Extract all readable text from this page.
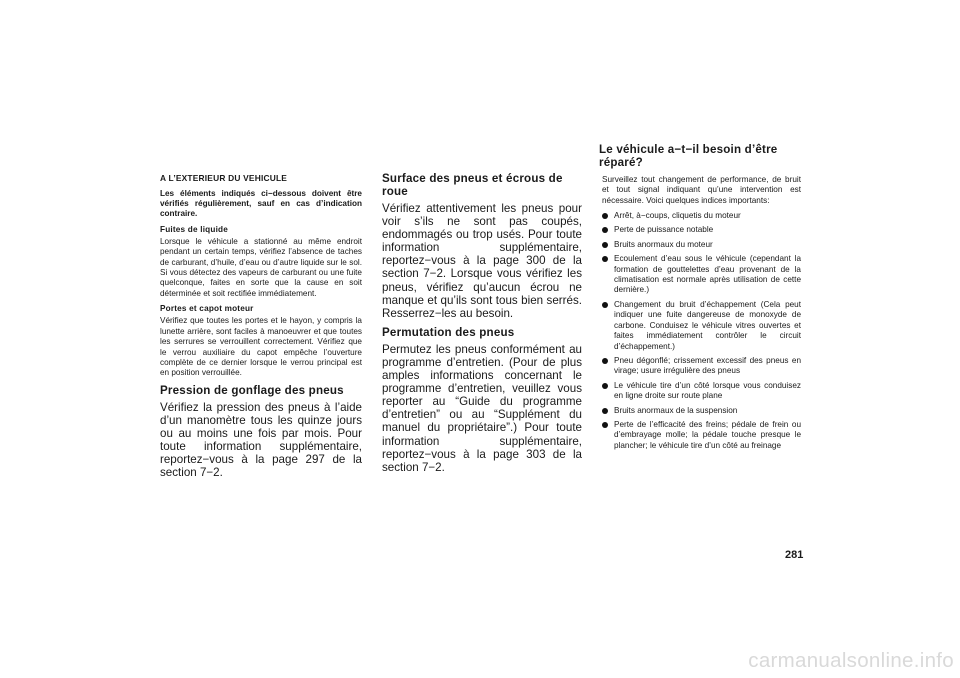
A L’EXTERIEUR DU VEHICULE

Les éléments indiqués ci−dessous doivent être vérifiés régulièrement, sauf en cas d’indication contraire.

Fuites de liquide

Lorsque le véhicule a stationné au même endroit pendant un certain temps, vérifiez l’absence de taches de carburant, d’huile, d’eau ou d’autre liquide sur le sol. Si vous détectez des vapeurs de carburant ou une fuite quelconque, faites en sorte que la cause en soit déterminée et soit rectifiée immédiatement.

Portes et capot moteur

Vérifiez que toutes les portes et le hayon, y compris la lunette arrière, sont faciles à manoeuvrer et que toutes les serrures se verrouillent correctement. Vérifiez que le verrou auxiliaire du capot empêche l’ouverture complète de ce dernier lorsque le verrou principal est en position verrouillée.

Pression de gonflage des pneus

Vérifiez la pression des pneus à l’aide d’un manomètre tous les quinze jours ou au moins une fois par mois. Pour toute information supplémentaire, reportez−vous à la page 297 de la section 7−2.

Surface des pneus et écrous de roue

Vérifiez attentivement les pneus pour voir s’ils ne sont pas coupés, endommagés ou trop usés. Pour toute information supplémentaire, reportez−vous à la page 300 de la section 7−2. Lorsque vous vérifiez les pneus, vérifiez qu’aucun écrou ne manque et qu’ils sont tous bien serrés. Resserrez−les au besoin.

Permutation des pneus

Permutez les pneus conformément au programme d’entretien. (Pour de plus amples informations concernant le programme d’entretien, veuillez vous reporter au “Guide du programme d’entretien” ou au “Supplément du manuel du propriétaire”.) Pour toute information supplémentaire, reportez−vous à la page 303 de la section 7−2.

Le véhicule a−t−il besoin d’être réparé?

Surveillez tout changement de performance, de bruit et tout signal indiquant qu’une intervention est nécessaire. Voici quelques indices importants:

Arrêt, à−coups, cliquetis du moteur
Perte de puissance notable
Bruits anormaux du moteur
Ecoulement d’eau sous le véhicule (cependant la formation de gouttelettes d’eau provenant de la climatisation est normale après utilisation de cette dernière.)
Changement du bruit d’échappement (Cela peut indiquer une fuite dangereuse de monoxyde de carbone. Conduisez le véhicule vitres ouvertes et faites immédiatement contrôler le circuit d’échappement.)
Pneu dégonflé; crissement excessif des pneus en virage; usure irrégulière des pneus
Le véhicule tire d’un côté lorsque vous conduisez en ligne droite sur route plane
Bruits anormaux de la suspension
Perte de l’efficacité des freins; pédale de frein ou d’embrayage molle; la pédale touche presque le plancher; le véhicule tire d’un côté au freinage
281
carmanualsonline.info
